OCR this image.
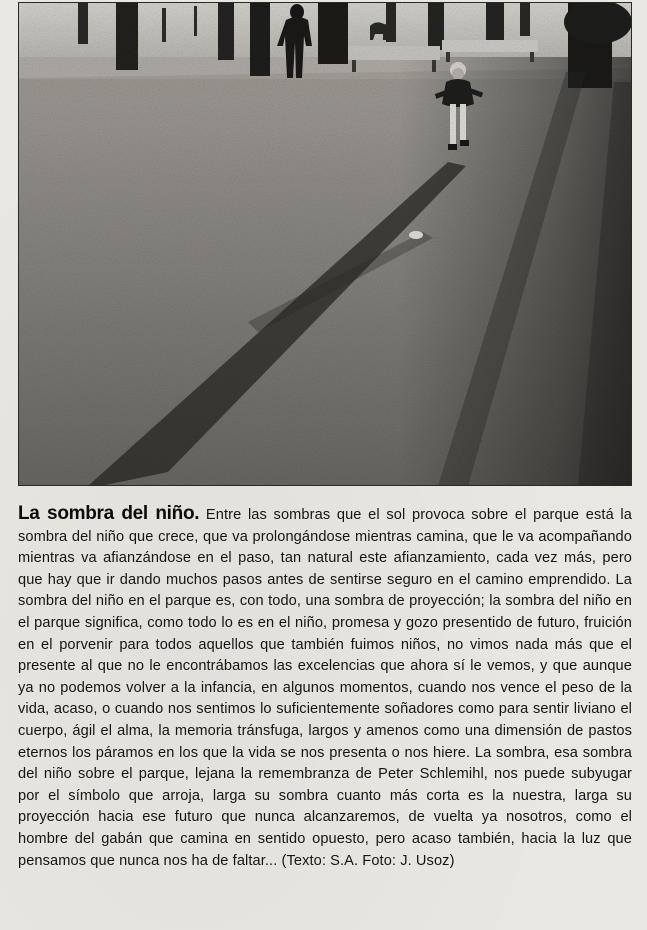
La sombra del niño. Entre las sombras que el sol provoca sobre el parque está la sombra del niño que crece, que va prolongándose mientras camina, que le va acompañando mientras va afianzándose en el paso, tan natural este afianzamiento, cada vez más, pero que hay que ir dando muchos pasos antes de sentirse seguro en el camino emprendido. La sombra del niño en el parque es, con todo, una sombra de proyección; la sombra del niño en el parque significa, como todo lo es en el niño, promesa y gozo presentido de futuro, fruición en el porvenir para todos aquellos que también fuimos niños, no vimos nada más que el presente al que no le encontrábamos las excelencias que ahora sí le vemos, y que aunque ya no podemos volver a la infancia, en algunos momentos, cuando nos vence el peso de la vida, acaso, o cuando nos sentimos lo suficientemente soñadores como para sentir liviano el cuerpo, ágil el alma, la memoria tránsfuga, largos y amenos como una dimensión de pastos eternos los páramos en los que la vida se nos presenta o nos hiere. La sombra, esa sombra del niño sobre el parque, lejana la remembranza de Peter Schlemihl, nos puede subyugar por el símbolo que arroja, larga su sombra cuanto más corta es la nuestra, larga su proyección hacia ese futuro que nunca alcanzaremos, de vuelta ya nosotros, como el hombre del gabán que camina en sentido opuesto, pero acaso también, hacia la luz que pensamos que nunca nos ha de faltar... (Texto: S.A. Foto: J. Usoz)
